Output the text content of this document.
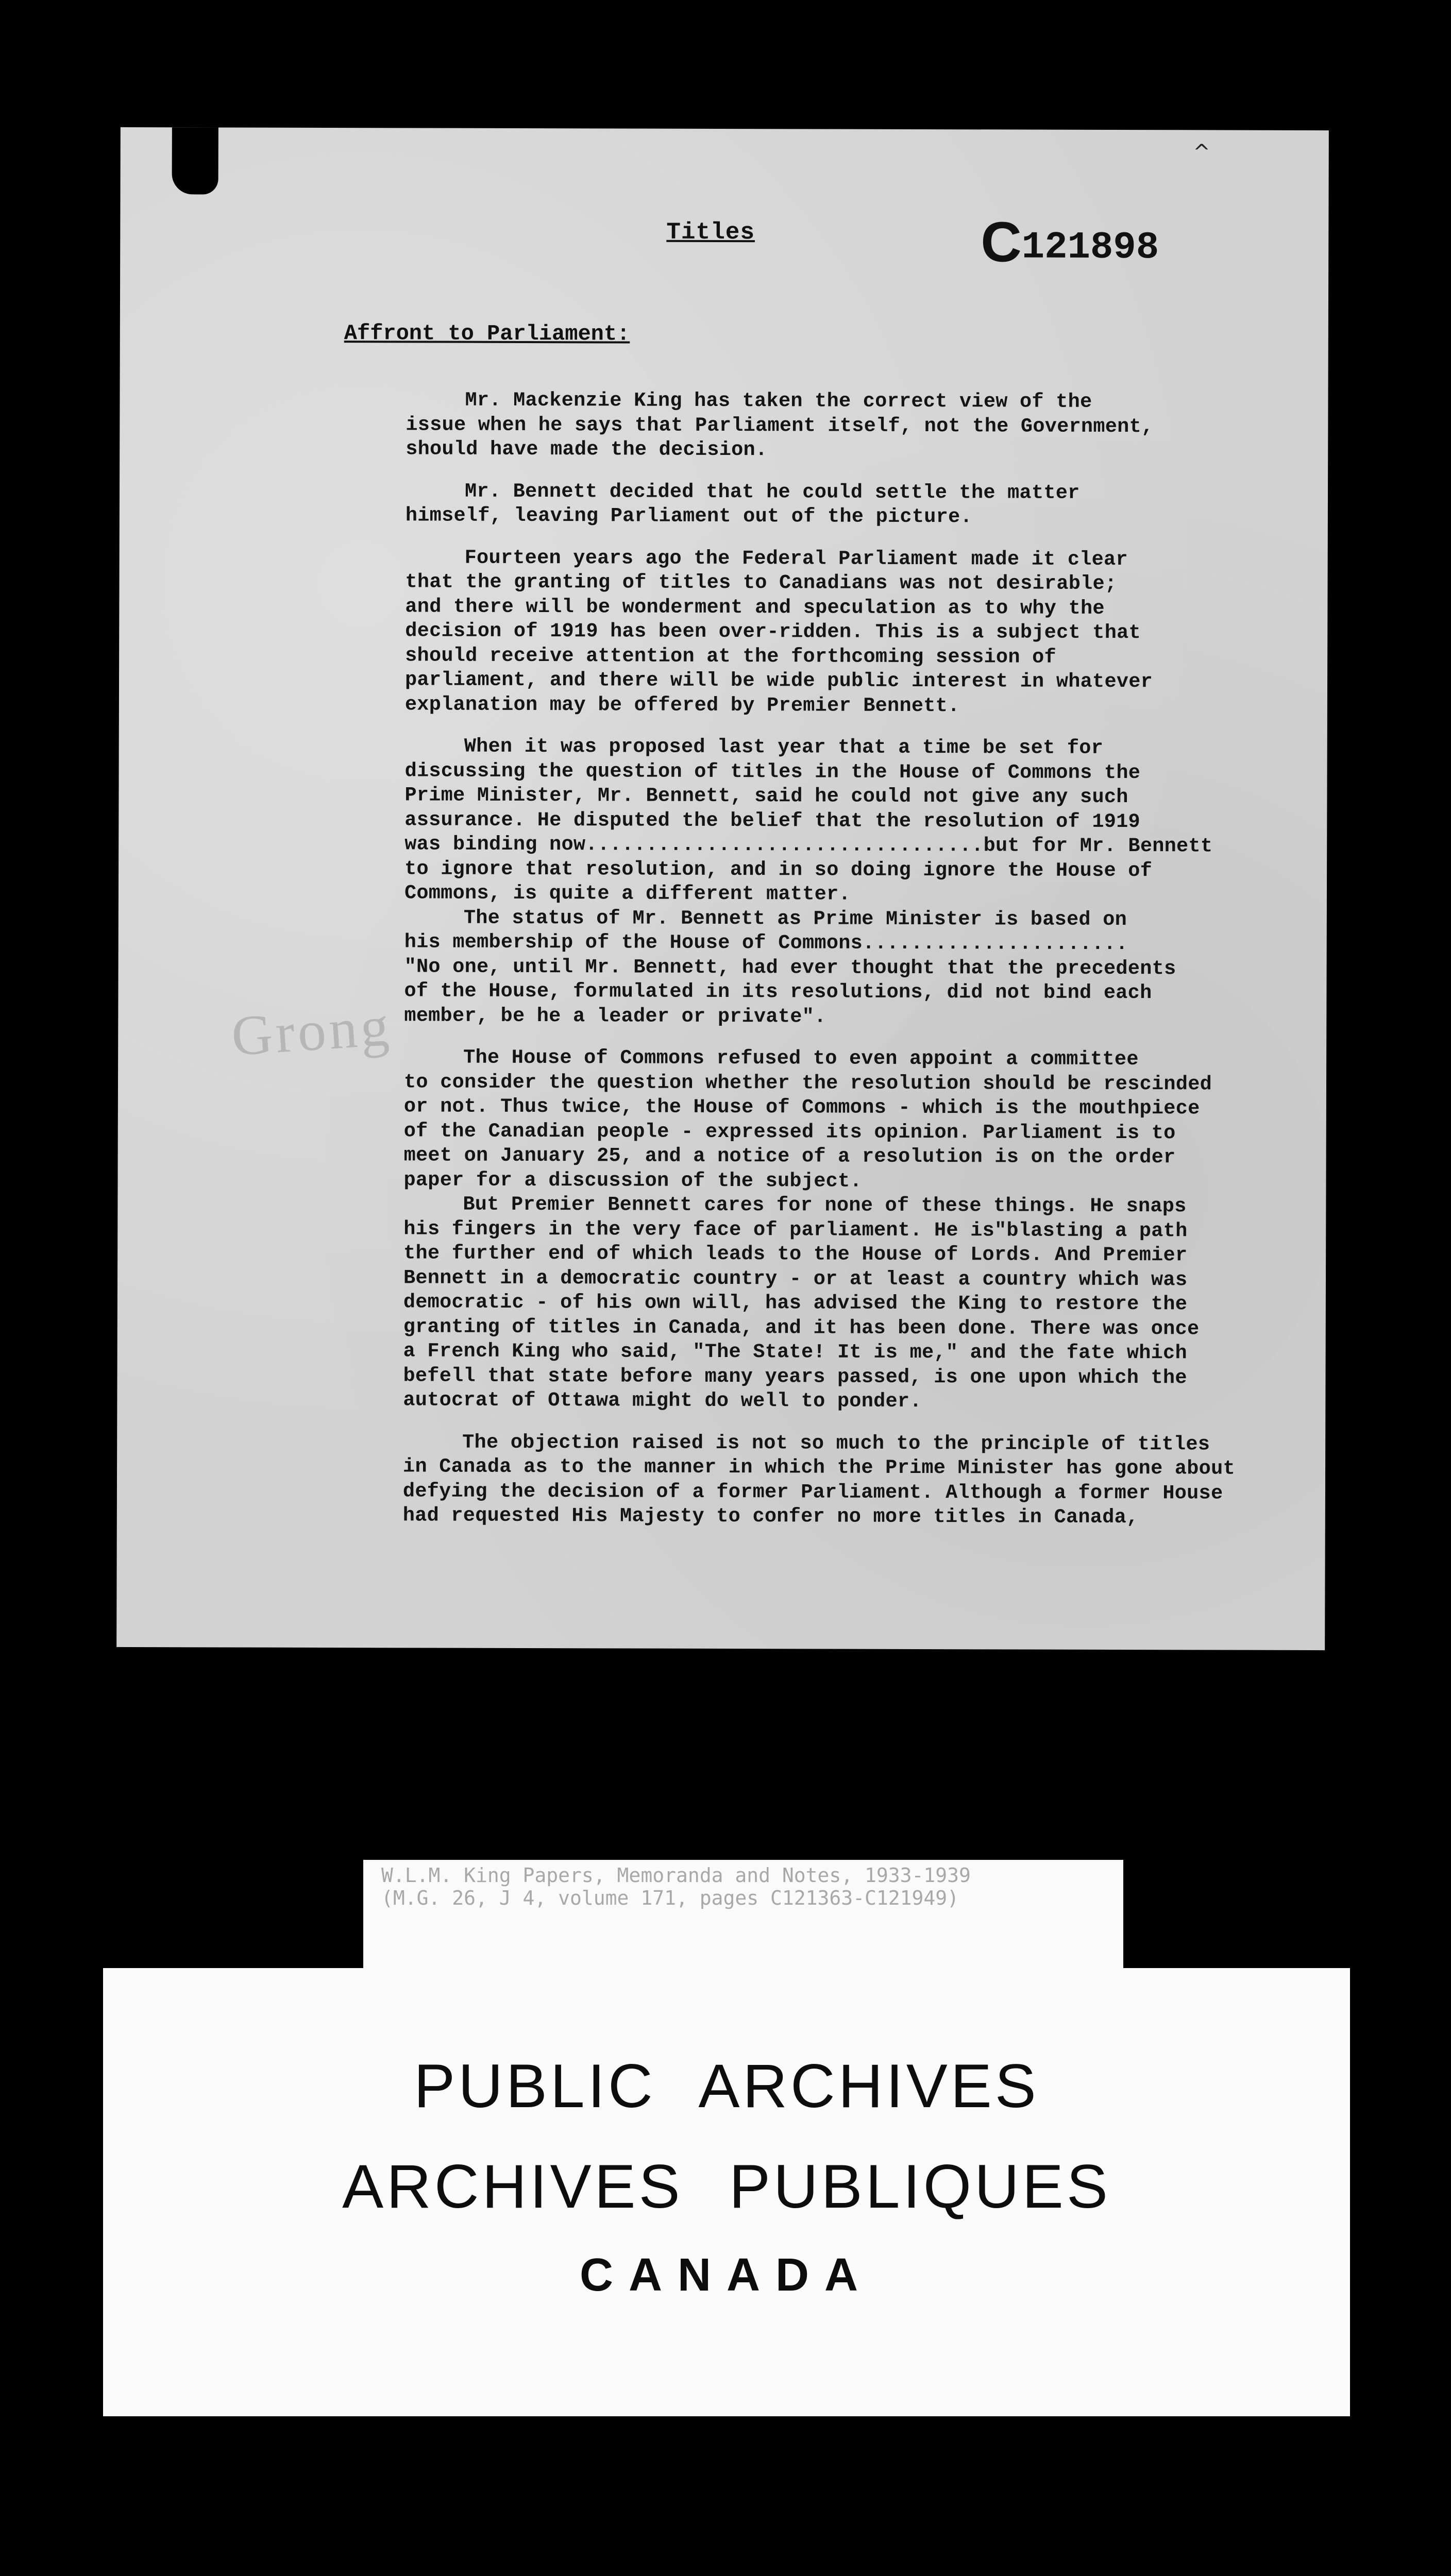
^
Titles	C121898
Affront to Parliament:
Grong

Mr. Mackenzie King has taken the correct view of the
issue when he says that Parliament itself, not the Government,
should have made the decision.

Mr. Bennett decided that he could settle the matter
himself, leaving Parliament out of the picture.

Fourteen years ago the Federal Parliament made it clear
that the granting of titles to Canadians was not desirable;
and there will be wonderment and speculation as to why the
decision of 1919 has been over-ridden. This is a subject that
should receive attention at the forthcoming session of
parliament, and there will be wide public interest in whatever
explanation may be offered by Premier Bennett.

When it was proposed last year that a time be set for
discussing the question of titles in the House of Commons the
Prime Minister, Mr. Bennett, said he could not give any such
assurance. He disputed the belief that the resolution of 1919
was binding now.................................but for Mr. Bennett
to ignore that resolution, and in so doing ignore the House of
Commons, is quite a different matter.

The status of Mr. Bennett as Prime Minister is based on
his membership of the House of Commons......................
"No one, until Mr. Bennett, had ever thought that the precedents
of the House, formulated in its resolutions, did not bind each
member, be he a leader or private".

The House of Commons refused to even appoint a committee
to consider the question whether the resolution should be rescinded
or not. Thus twice, the House of Commons - which is the mouthpiece
of the Canadian people - expressed its opinion. Parliament is to
meet on January 25, and a notice of a resolution is on the order
paper for a discussion of the subject.

But Premier Bennett cares for none of these things. He snaps
his fingers in the very face of parliament. He is"blasting a path
the further end of which leads to the House of Lords. And Premier
Bennett in a democratic country - or at least a country which was
democratic - of his own will, has advised the King to restore the
granting of titles in Canada, and it has been done. There was once
a French King who said, "The State! It is me," and the fate which
befell that state before many years passed, is one upon which the
autocrat of Ottawa might do well to ponder.

The objection raised is not so much to the principle of titles
in Canada as to the manner in which the Prime Minister has gone about
defying the decision of a former Parliament. Although a former House
had requested His Majesty to confer no more titles in Canada,

W.L.M. King Papers, Memoranda and Notes, 1933-1939
(M.G. 26, J 4, volume 171, pages C121363-C121949)
PUBLIC ARCHIVES
ARCHIVES PUBLIQUES
CANADA
